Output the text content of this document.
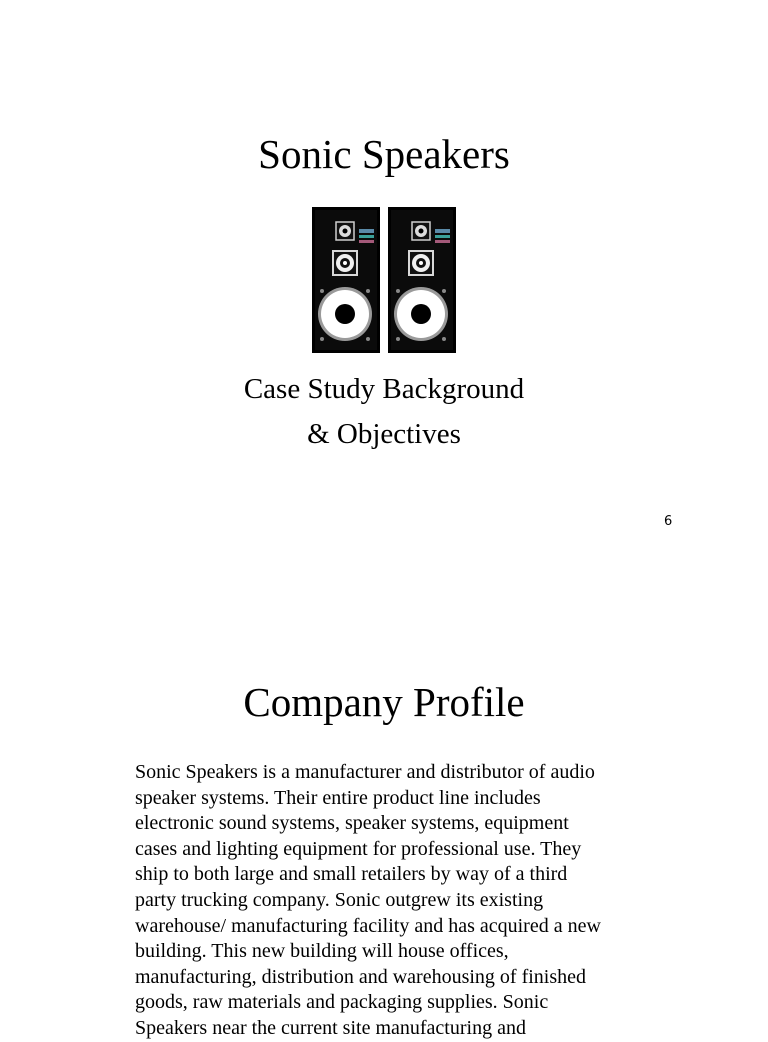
Sonic Speakers

Case Study Background

& Objectives

6
Company Profile

Sonic Speakers is a manufacturer and distributor of audio
speaker systems. Their entire product line includes
electronic sound systems, speaker systems, equipment
cases and lighting equipment for professional use. They
ship to both large and small retailers by way of a third
party trucking company. Sonic outgrew its existing
warehouse/ manufacturing facility and has acquired a new
building. This new building will house offices,
manufacturing, distribution and warehousing of finished
goods, raw materials and packaging supplies. Sonic
Speakers near the current site manufacturing and
